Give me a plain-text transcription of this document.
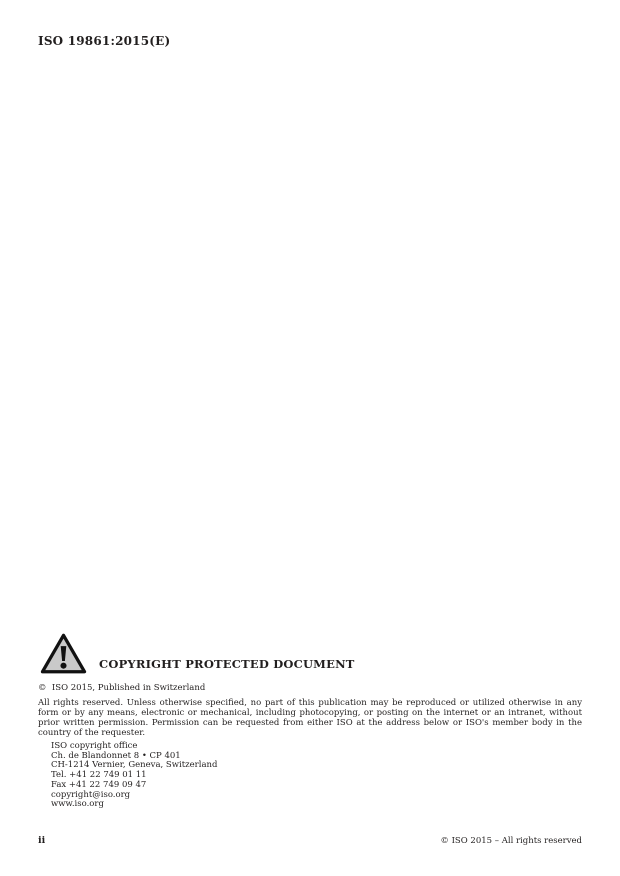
ISO 19861:2015(E)
COPYRIGHT PROTECTED DOCUMENT
©  ISO 2015, Published in Switzerland

All rights reserved. Unless otherwise specified, no part of this publication may be reproduced or utilized otherwise in any form or by any means, electronic or mechanical, including photocopying, or posting on the internet or an intranet, without prior written permission. Permission can be requested from either ISO at the address below or ISO's member body in the country of the requester.

ISO copyright office
Ch. de Blandonnet 8 • CP 401
CH-1214 Vernier, Geneva, Switzerland
Tel. +41 22 749 01 11
Fax +41 22 749 09 47
copyright@iso.org
www.iso.org
ii	© ISO 2015 – All rights reserved
